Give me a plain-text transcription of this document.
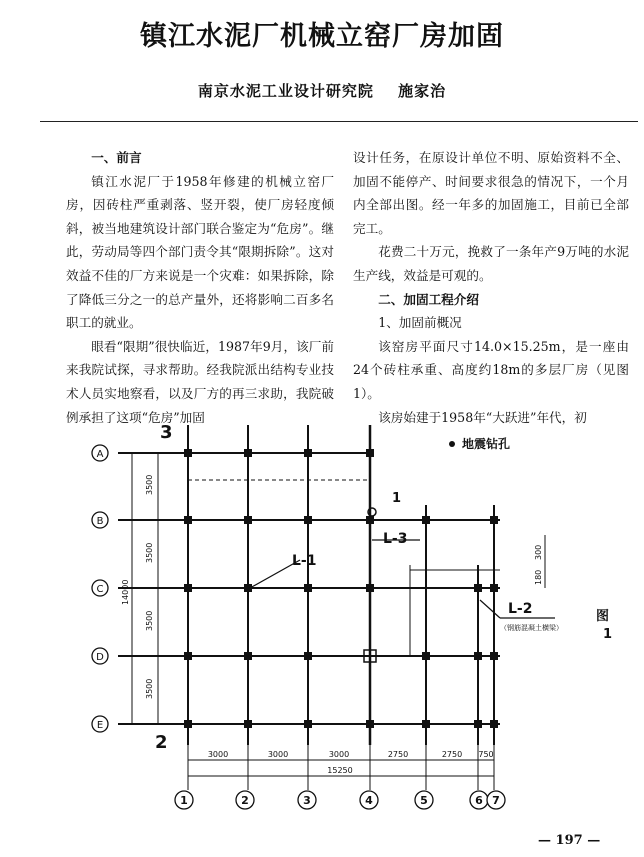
镇江水泥厂机械立窑厂房加固
南京水泥工业设计研究院 施家治

一、前言

镇江水泥厂于1958年修建的机械立窑厂房，因砖柱严重剥落、竖开裂，使厂房轻度倾斜，被当地建筑设计部门联合鉴定为“危房”。继此，劳动局等四个部门责令其“限期拆除”。这对效益不佳的厂方来说是一个灾难：如果拆除，除了降低三分之一的总产量外，还将影响二百多名职工的就业。

眼看“限期”很快临近，1987年9月，该厂前来我院试探，寻求帮助。经我院派出结构专业技术人员实地察看，以及厂方的再三求助，我院破例承担了这项“危房”加固

设计任务，在原设计单位不明、原始资料不全、加固不能停产、时间要求很急的情况下，一个月内全部出图。经一年多的加固施工，目前已全部完工。

花费二十万元，挽救了一条年产9万吨的水泥生产线，效益是可观的。

二、加固工程介绍

1、加固前概况

该窑房平面尺寸14.0×15.25m，是一座由24个砖柱承重、高度约18m的多层厂房（见图1）。

该房始建于1958年“大跃进”年代，初

A
B
C
D
E
1	2	3	4	5	6 7
3000	3000	3000	2750	2750 750
15250
3500
3500
3500
3500
14000
300
180
3
2
1
L-1
L-3
L-2
（钢筋混凝土横梁）
地震钻孔
图
1
— 197 —
